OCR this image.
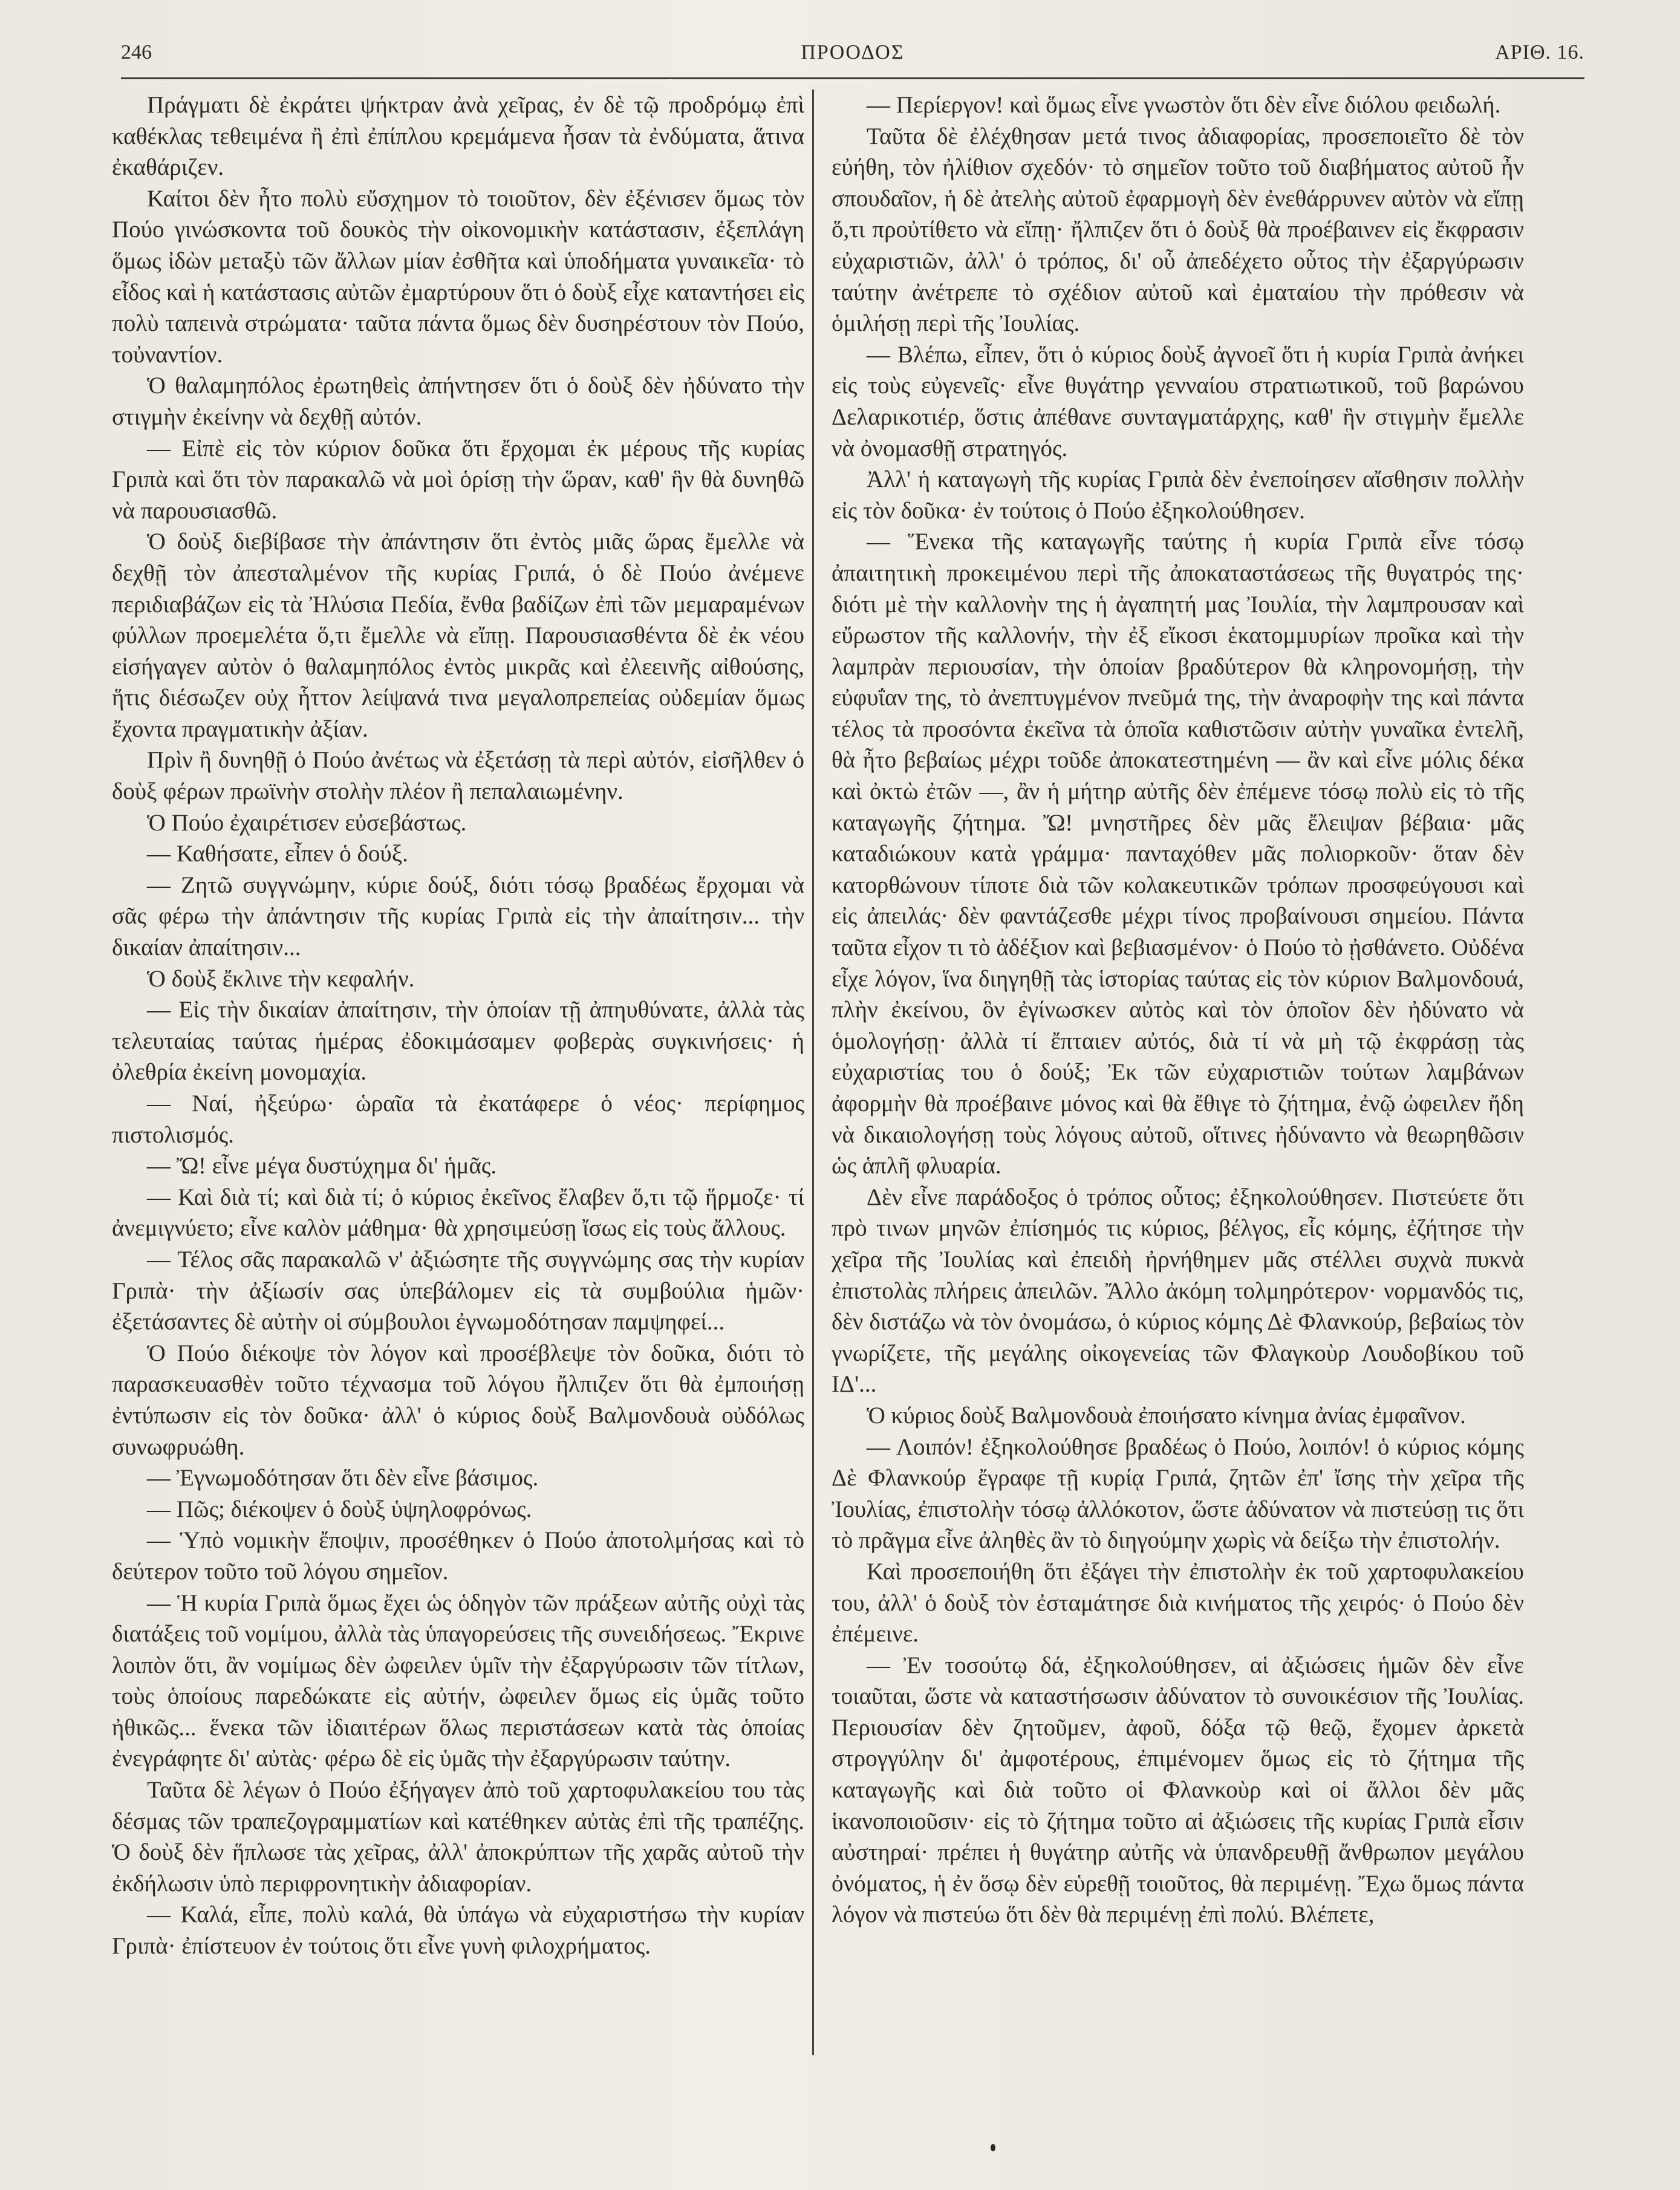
246	ΠΡΟΟΔΟΣ	ΑΡΙΘ. 16.

Πράγματι δὲ ἐκράτει ψήκτραν ἀνὰ χεῖρας, ἐν δὲ τῷ προδρόμῳ ἐπὶ καθέκλας τεθειμένα ἢ ἐπὶ ἐπίπλου κρεμάμενα ἦσαν τὰ ἐνδύματα, ἅτινα ἐκαθάριζεν.

Καίτοι δὲν ἦτο πολὺ εὔσχημον τὸ τοιοῦτον, δὲν ἐξένισεν ὅμως τὸν Πούο γινώσκοντα τοῦ δουκὸς τὴν οἰκονομικὴν κατάστασιν, ἐξεπλάγη ὅμως ἰδὼν μεταξὺ τῶν ἄλλων μίαν ἐσθῆτα καὶ ὑποδήματα γυναικεῖα· τὸ εἶδος καὶ ἡ κατάστασις αὐτῶν ἐμαρτύρουν ὅτι ὁ δοὺξ εἶχε καταντήσει εἰς πολὺ ταπεινὰ στρώματα· ταῦτα πάντα ὅμως δὲν δυσηρέστουν τὸν Πούο, τοὐναντίον.

Ὁ θαλαμηπόλος ἐρωτηθεὶς ἀπήντησεν ὅτι ὁ δοὺξ δὲν ἠδύνατο τὴν στιγμὴν ἐκείνην νὰ δεχθῇ αὐτόν.

— Εἰπὲ εἰς τὸν κύριον δοῦκα ὅτι ἔρχομαι ἐκ μέρους τῆς κυρίας Γριπὰ καὶ ὅτι τὸν παρακαλῶ νὰ μοὶ ὁρίσῃ τὴν ὥραν, καθ' ἣν θὰ δυνηθῶ νὰ παρουσιασθῶ.

Ὁ δοὺξ διεβίβασε τὴν ἀπάντησιν ὅτι ἐντὸς μιᾶς ὥρας ἔμελλε νὰ δεχθῇ τὸν ἀπεσταλμένον τῆς κυρίας Γριπά, ὁ δὲ Πούο ἀνέμενε περιδιαβάζων εἰς τὰ Ἠλύσια Πεδία, ἔνθα βαδίζων ἐπὶ τῶν μεμαραμένων φύλλων προεμελέτα ὅ,τι ἔμελλε νὰ εἴπῃ. Παρουσιασθέντα δὲ ἐκ νέου εἰσήγαγεν αὐτὸν ὁ θαλαμηπόλος ἐντὸς μικρᾶς καὶ ἐλεεινῆς αἰθούσης, ἥτις διέσωζεν οὐχ ἧττον λείψανά τινα μεγαλοπρεπείας οὐδεμίαν ὅμως ἔχοντα πραγματικὴν ἀξίαν.

Πρὶν ἢ δυνηθῇ ὁ Πούο ἀνέτως νὰ ἐξετάσῃ τὰ περὶ αὐτόν, εἰσῆλθεν ὁ δοὺξ φέρων πρωϊνὴν στολὴν πλέον ἢ πεπαλαιωμένην.

Ὁ Πούο ἐχαιρέτισεν εὐσεβάστως.

— Καθήσατε, εἶπεν ὁ δούξ.

— Ζητῶ συγγνώμην, κύριε δούξ, διότι τόσῳ βραδέως ἔρχομαι νὰ σᾶς φέρω τὴν ἀπάντησιν τῆς κυρίας Γριπὰ εἰς τὴν ἀπαίτησιν... τὴν δικαίαν ἀπαίτησιν...

Ὁ δοὺξ ἔκλινε τὴν κεφαλήν.

— Εἰς τὴν δικαίαν ἀπαίτησιν, τὴν ὁποίαν τῇ ἀπηυθύνατε, ἀλλὰ τὰς τελευταίας ταύτας ἡμέρας ἐδοκιμάσαμεν φοβερὰς συγκινήσεις· ἡ ὀλεθρία ἐκείνη μονομαχία.

— Ναί, ἠξεύρω· ὡραῖα τὰ ἐκατάφερε ὁ νέος· περίφημος πιστολισμός.

— Ὤ! εἶνε μέγα δυστύχημα δι' ἡμᾶς.

— Καὶ διὰ τί; καὶ διὰ τί; ὁ κύριος ἐκεῖνος ἔλαβεν ὅ,τι τῷ ἥρμοζε· τί ἀνεμιγνύετο; εἶνε καλὸν μάθημα· θὰ χρησιμεύσῃ ἴσως εἰς τοὺς ἄλλους.

— Τέλος σᾶς παρακαλῶ ν' ἀξιώσητε τῆς συγγνώμης σας τὴν κυρίαν Γριπὰ· τὴν ἀξίωσίν σας ὑπεβάλομεν εἰς τὰ συμβούλια ἡμῶν· ἐξετάσαντες δὲ αὐτὴν οἱ σύμβουλοι ἐγνωμοδότησαν παμψηφεί...

Ὁ Πούο διέκοψε τὸν λόγον καὶ προσέβλεψε τὸν δοῦκα, διότι τὸ παρασκευασθὲν τοῦτο τέχνασμα τοῦ λόγου ἤλπιζεν ὅτι θὰ ἐμποιήσῃ ἐντύπωσιν εἰς τὸν δοῦκα· ἀλλ' ὁ κύριος δοὺξ Βαλμονδουὰ οὐδόλως συνωφρυώθη.

— Ἐγνωμοδότησαν ὅτι δὲν εἶνε βάσιμος.

— Πῶς; διέκοψεν ὁ δοὺξ ὑψηλοφρόνως.

— Ὑπὸ νομικὴν ἔποψιν, προσέθηκεν ὁ Πούο ἀποτολμήσας καὶ τὸ δεύτερον τοῦτο τοῦ λόγου σημεῖον.

— Ἡ κυρία Γριπὰ ὅμως ἔχει ὡς ὁδηγὸν τῶν πράξεων αὐτῆς οὐχὶ τὰς διατάξεις τοῦ νομίμου, ἀλλὰ τὰς ὑπαγορεύσεις τῆς συνειδήσεως. Ἔκρινε λοιπὸν ὅτι, ἂν νομίμως δὲν ὠφειλεν ὑμῖν τὴν ἐξαργύρωσιν τῶν τίτλων, τοὺς ὁποίους παρεδώκατε εἰς αὐτήν, ὠφειλεν ὅμως εἰς ὑμᾶς τοῦτο ἠθικῶς... ἕνεκα τῶν ἰδιαιτέρων ὅλως περιστάσεων κατὰ τὰς ὁποίας ἐνεγράφητε δι' αὐτὰς· φέρω δὲ εἰς ὑμᾶς τὴν ἐξαργύρωσιν ταύτην.

Ταῦτα δὲ λέγων ὁ Πούο ἐξήγαγεν ἀπὸ τοῦ χαρτοφυλακείου του τὰς δέσμας τῶν τραπεζογραμματίων καὶ κατέθηκεν αὐτὰς ἐπὶ τῆς τραπέζης. Ὁ δοὺξ δὲν ἥπλωσε τὰς χεῖρας, ἀλλ' ἀποκρύπτων τῆς χαρᾶς αὐτοῦ τὴν ἐκδήλωσιν ὑπὸ περιφρονητικὴν ἀδιαφορίαν.

— Καλά, εἶπε, πολὺ καλά, θὰ ὑπάγω νὰ εὐχαριστήσω τὴν κυρίαν Γριπὰ· ἐπίστευον ἐν τούτοις ὅτι εἶνε γυνὴ φιλοχρήματος.

— Περίεργον! καὶ ὅμως εἶνε γνωστὸν ὅτι δὲν εἶνε διόλου φειδωλή.

Ταῦτα δὲ ἐλέχθησαν μετά τινος ἀδιαφορίας, προσεποιεῖτο δὲ τὸν εὐήθη, τὸν ἠλίθιον σχεδόν· τὸ σημεῖον τοῦτο τοῦ διαβήματος αὐτοῦ ἦν σπουδαῖον, ἡ δὲ ἀτελὴς αὐτοῦ ἐφαρμογὴ δὲν ἐνεθάρρυνεν αὐτὸν νὰ εἴπῃ ὅ,τι προὐτίθετο νὰ εἴπῃ· ἤλπιζεν ὅτι ὁ δοὺξ θὰ προέβαινεν εἰς ἔκφρασιν εὐχαριστιῶν, ἀλλ' ὁ τρόπος, δι' οὗ ἀπεδέχετο οὗτος τὴν ἐξαργύρωσιν ταύτην ἀνέτρεπε τὸ σχέδιον αὐτοῦ καὶ ἐματαίου τὴν πρόθεσιν νὰ ὁμιλήσῃ περὶ τῆς Ἰουλίας.

— Βλέπω, εἶπεν, ὅτι ὁ κύριος δοὺξ ἀγνοεῖ ὅτι ἡ κυρία Γριπὰ ἀνήκει εἰς τοὺς εὐγενεῖς· εἶνε θυγάτηρ γενναίου στρατιωτικοῦ, τοῦ βαρώνου Δελαρικοτιέρ, ὅστις ἀπέθανε συνταγματάρχης, καθ' ἣν στιγμὴν ἔμελλε νὰ ὀνομασθῇ στρατηγός.

Ἀλλ' ἡ καταγωγὴ τῆς κυρίας Γριπὰ δὲν ἐνεποίησεν αἴσθησιν πολλὴν εἰς τὸν δοῦκα· ἐν τούτοις ὁ Πούο ἐξηκολούθησεν.

— Ἕνεκα τῆς καταγωγῆς ταύτης ἡ κυρία Γριπὰ εἶνε τόσῳ ἀπαιτητικὴ προκειμένου περὶ τῆς ἀποκαταστάσεως τῆς θυγατρός της· διότι μὲ τὴν καλλονὴν της ἡ ἀγαπητή μας Ἰουλία, τὴν λαμπρουσαν καὶ εὔρωστον τῆς καλλονήν, τὴν ἐξ εἴκοσι ἑκατομμυρίων προῖκα καὶ τὴν λαμπρὰν περιουσίαν, τὴν ὁποίαν βραδύτερον θὰ κληρονομήσῃ, τὴν εὐφυΐαν της, τὸ ἀνεπτυγμένον πνεῦμά της, τὴν ἀναροφὴν της καὶ πάντα τέλος τὰ προσόντα ἐκεῖνα τὰ ὁποῖα καθιστῶσιν αὐτὴν γυναῖκα ἐντελῆ, θὰ ἦτο βεβαίως μέχρι τοῦδε ἀποκατεστημένη — ἂν καὶ εἶνε μόλις δέκα καὶ ὀκτὼ ἐτῶν —, ἂν ἡ μήτηρ αὐτῆς δὲν ἐπέμενε τόσῳ πολὺ εἰς τὸ τῆς καταγωγῆς ζήτημα. Ὤ! μνηστῆρες δὲν μᾶς ἔλειψαν βέβαια· μᾶς καταδιώκουν κατὰ γράμμα· πανταχόθεν μᾶς πολιορκοῦν· ὅταν δὲν κατορθώνουν τίποτε διὰ τῶν κολακευτικῶν τρόπων προσφεύγουσι καὶ εἰς ἀπειλάς· δὲν φαντάζεσθε μέχρι τίνος προβαίνουσι σημείου. Πάντα ταῦτα εἶχον τι τὸ ἀδέξιον καὶ βεβιασμένον· ὁ Πούο τὸ ᾐσθάνετο. Οὐδένα εἶχε λόγον, ἵνα διηγηθῇ τὰς ἱστορίας ταύτας εἰς τὸν κύριον Βαλμονδουά, πλὴν ἐκείνου, ὃν ἐγίνωσκεν αὐτὸς καὶ τὸν ὁποῖον δὲν ἠδύνατο νὰ ὁμολογήσῃ· ἀλλὰ τί ἔπταιεν αὐτός, διὰ τί νὰ μὴ τῷ ἐκφράσῃ τὰς εὐχαριστίας του ὁ δούξ; Ἐκ τῶν εὐχαριστιῶν τούτων λαμβάνων ἀφορμὴν θὰ προέβαινε μόνος καὶ θὰ ἔθιγε τὸ ζήτημα, ἐνῷ ὠφειλεν ἤδη νὰ δικαιολογήσῃ τοὺς λόγους αὐτοῦ, οἵτινες ἠδύναντο νὰ θεωρηθῶσιν ὡς ἁπλῆ φλυαρία.

Δὲν εἶνε παράδοξος ὁ τρόπος οὗτος; ἐξηκολούθησεν. Πιστεύετε ὅτι πρὸ τινων μηνῶν ἐπίσημός τις κύριος, βέλγος, εἷς κόμης, ἐζήτησε τὴν χεῖρα τῆς Ἰουλίας καὶ ἐπειδὴ ἠρνήθημεν μᾶς στέλλει συχνὰ πυκνὰ ἐπιστολὰς πλήρεις ἀπειλῶν. Ἄλλο ἀκόμη τολμηρότερον· νορμανδός τις, δὲν διστάζω νὰ τὸν ὀνομάσω, ὁ κύριος κόμης Δὲ Φλανκούρ, βεβαίως τὸν γνωρίζετε, τῆς μεγάλης οἰκογενείας τῶν Φλαγκοὺρ Λουδοβίκου τοῦ ΙΔ'...

Ὁ κύριος δοὺξ Βαλμονδουὰ ἐποιήσατο κίνημα ἀνίας ἐμφαῖνον.

— Λοιπόν! ἐξηκολούθησε βραδέως ὁ Πούο, λοιπόν! ὁ κύριος κόμης Δὲ Φλανκούρ ἔγραφε τῇ κυρίᾳ Γριπά, ζητῶν ἐπ' ἴσης τὴν χεῖρα τῆς Ἰουλίας, ἐπιστολὴν τόσῳ ἀλλόκοτον, ὥστε ἀδύνατον νὰ πιστεύσῃ τις ὅτι τὸ πρᾶγμα εἶνε ἀληθὲς ἂν τὸ διηγούμην χωρὶς νὰ δείξω τὴν ἐπιστολήν.

Καὶ προσεποιήθη ὅτι ἐξάγει τὴν ἐπιστολὴν ἐκ τοῦ χαρτοφυλακείου του, ἀλλ' ὁ δοὺξ τὸν ἐσταμάτησε διὰ κινήματος τῆς χειρός· ὁ Πούο δὲν ἐπέμεινε.

— Ἐν τοσούτῳ δά, ἐξηκολούθησεν, αἱ ἀξιώσεις ἡμῶν δὲν εἶνε τοιαῦται, ὥστε νὰ καταστήσωσιν ἀδύνατον τὸ συνοικέσιον τῆς Ἰουλίας. Περιουσίαν δὲν ζητοῦμεν, ἀφοῦ, δόξα τῷ θεῷ, ἔχομεν ἀρκετὰ στρογγύλην δι' ἀμφοτέρους, ἐπιμένομεν ὅμως εἰς τὸ ζήτημα τῆς καταγωγῆς καὶ διὰ τοῦτο οἱ Φλανκοὺρ καὶ οἱ ἄλλοι δὲν μᾶς ἱκανοποιοῦσιν· εἰς τὸ ζήτημα τοῦτο αἱ ἀξιώσεις τῆς κυρίας Γριπὰ εἶσιν αὐστηραί· πρέπει ἡ θυγάτηρ αὐτῆς νὰ ὑπανδρευθῇ ἄνθρωπον μεγάλου ὀνόματος, ἡ ἐν ὅσῳ δὲν εὑρεθῇ τοιοῦτος, θὰ περιμένῃ. Ἔχω ὅμως πάντα λόγον νὰ πιστεύω ὅτι δὲν θὰ περιμένῃ ἐπὶ πολύ. Βλέπετε,
